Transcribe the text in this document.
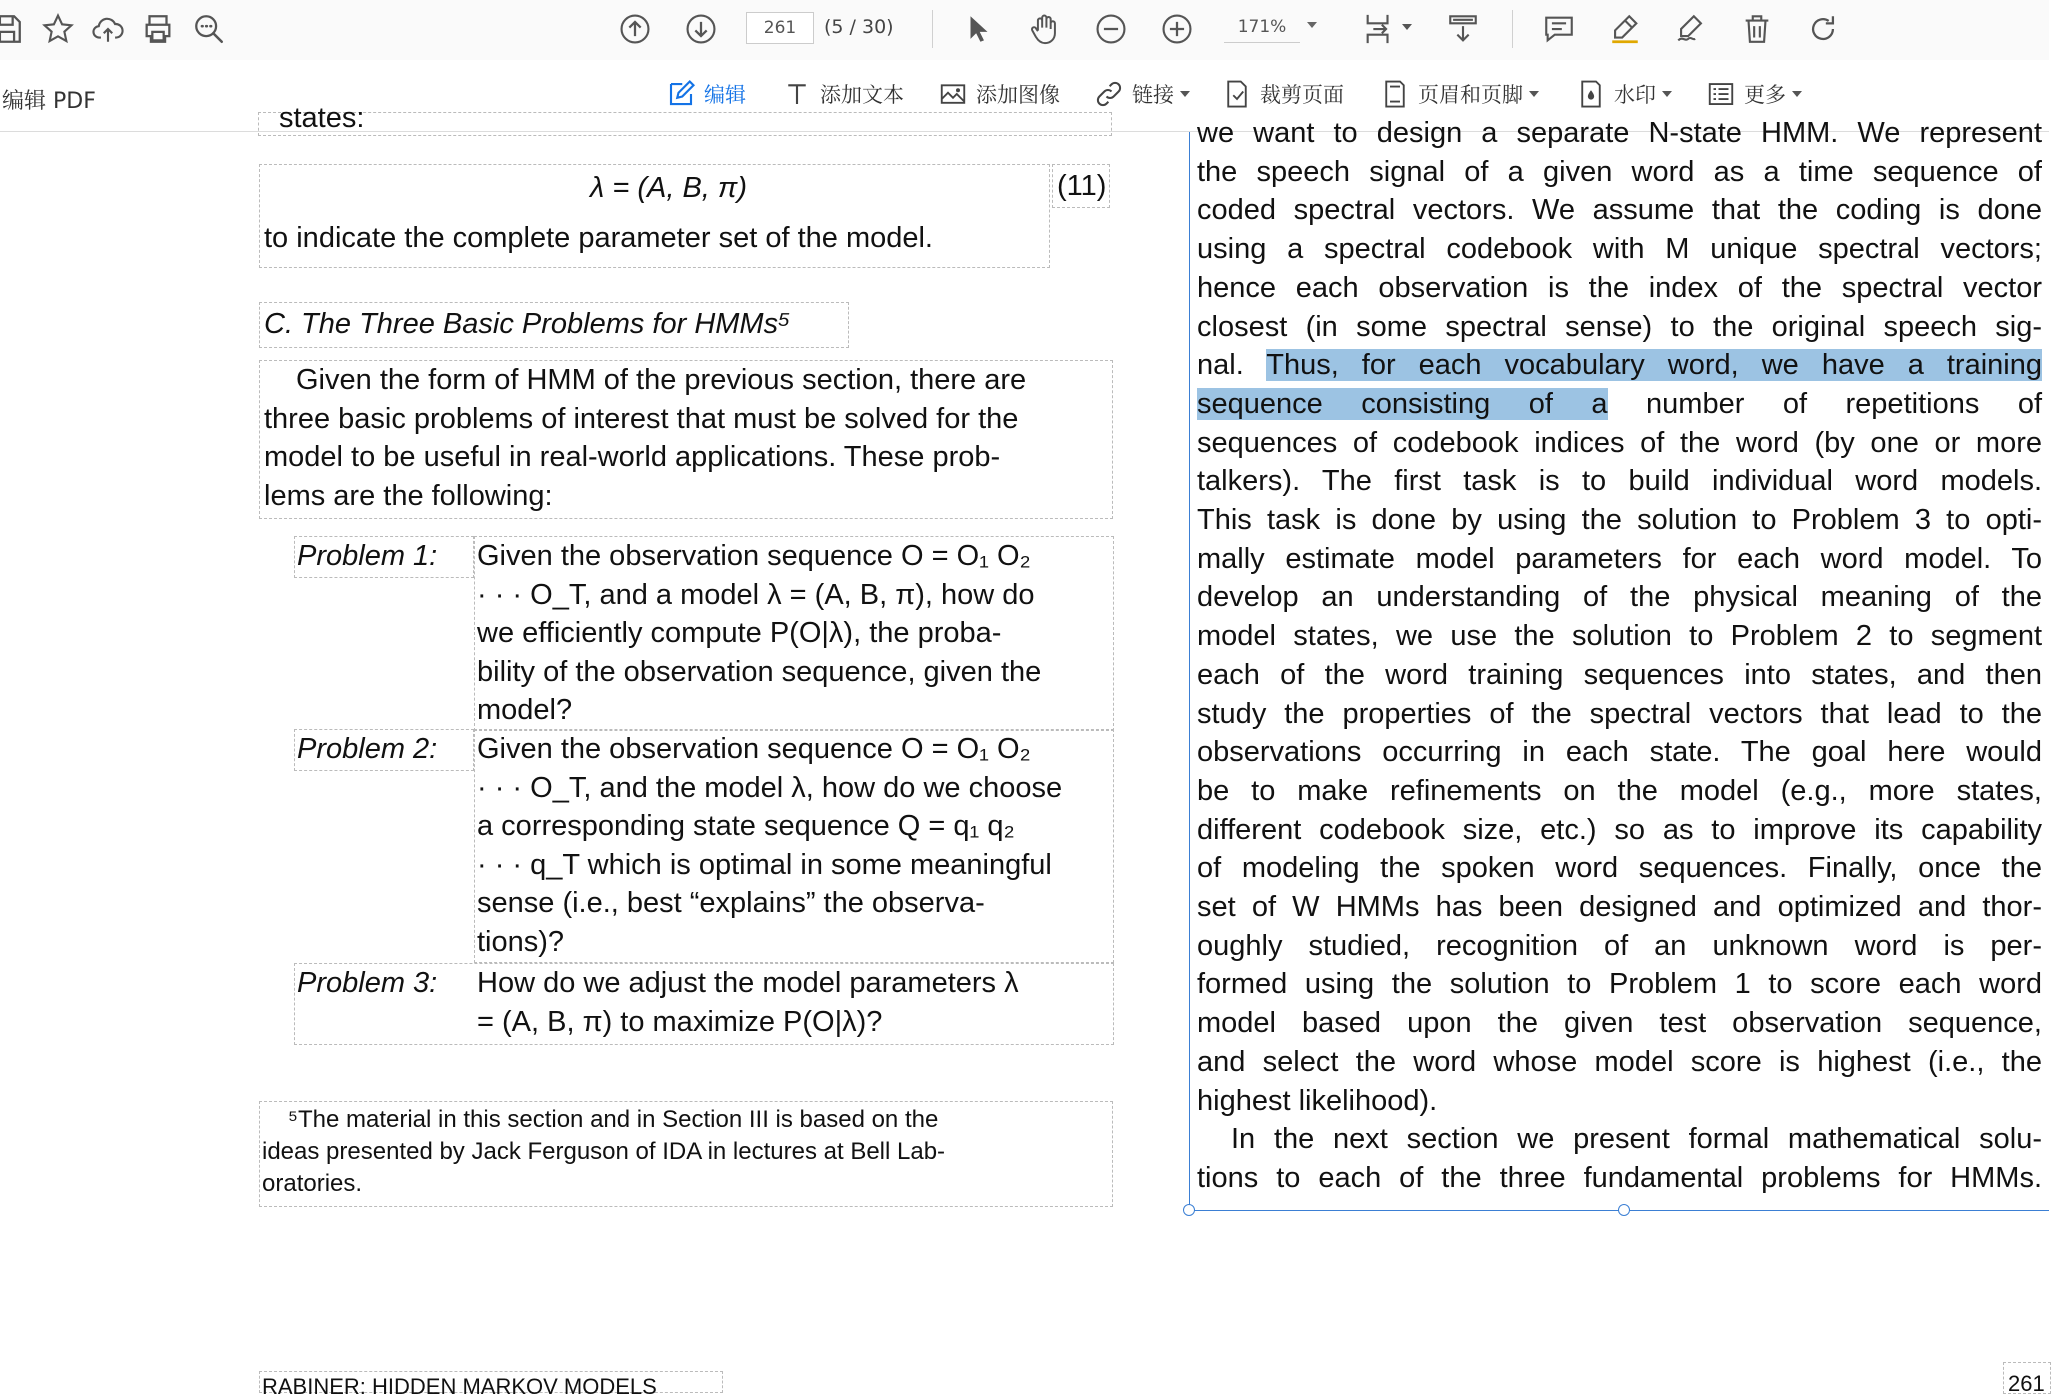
261	(5 / 30)	171%
编辑 PDF	编辑	添加文本	添加图像	链接	裁剪页面	页眉和页脚	水印	更多
states:
λ = (A, B, π)
to indicate the complete parameter set of the model.
(11)
C. The Three Basic Problems for HMMs⁵
Given the form of HMM of the previous section, there are
three basic problems of interest that must be solved for the
model to be useful in real-world applications. These prob-
lems are the following:
Problem 1: Given the observation sequence O = O₁ O₂
· · · O_T, and a model λ = (A, B, π), how do
we efficiently compute P(O|λ), the proba-
bility of the observation sequence, given the
model?
Problem 2: Given the observation sequence O = O₁ O₂
· · · O_T, and the model λ, how do we choose
a corresponding state sequence Q = q₁ q₂
· · · q_T which is optimal in some meaningful
sense (i.e., best “explains” the observa-
tions)?
Problem 3: How do we adjust the model parameters λ
= (A, B, π) to maximize P(O|λ)?
⁵The material in this section and in Section III is based on the
ideas presented by Jack Ferguson of IDA in lectures at Bell Lab-
oratories.
RABINER: HIDDEN MARKOV MODELS
we want to design a separate N-state HMM. We represent
the speech signal of a given word as a time sequence of
coded spectral vectors. We assume that the coding is done
using a spectral codebook with M unique spectral vectors;
hence each observation is the index of the spectral vector
closest (in some spectral sense) to the original speech sig-
nal. Thus, for each vocabulary word, we have a training
sequence consisting of a number of repetitions of
sequences of codebook indices of the word (by one or more
talkers). The first task is to build individual word models.
This task is done by using the solution to Problem 3 to opti-
mally estimate model parameters for each word model. To
develop an understanding of the physical meaning of the
model states, we use the solution to Problem 2 to segment
each of the word training sequences into states, and then
study the properties of the spectral vectors that lead to the
observations occurring in each state. The goal here would
be to make refinements on the model (e.g., more states,
different codebook size, etc.) so as to improve its capability
of modeling the spoken word sequences. Finally, once the
set of W HMMs has been designed and optimized and thor-
oughly studied, recognition of an unknown word is per-
formed using the solution to Problem 1 to score each word
model based upon the given test observation sequence,
and select the word whose model score is highest (i.e., the
highest likelihood).
In the next section we present formal mathematical solu-
tions to each of the three fundamental problems for HMMs.
261
